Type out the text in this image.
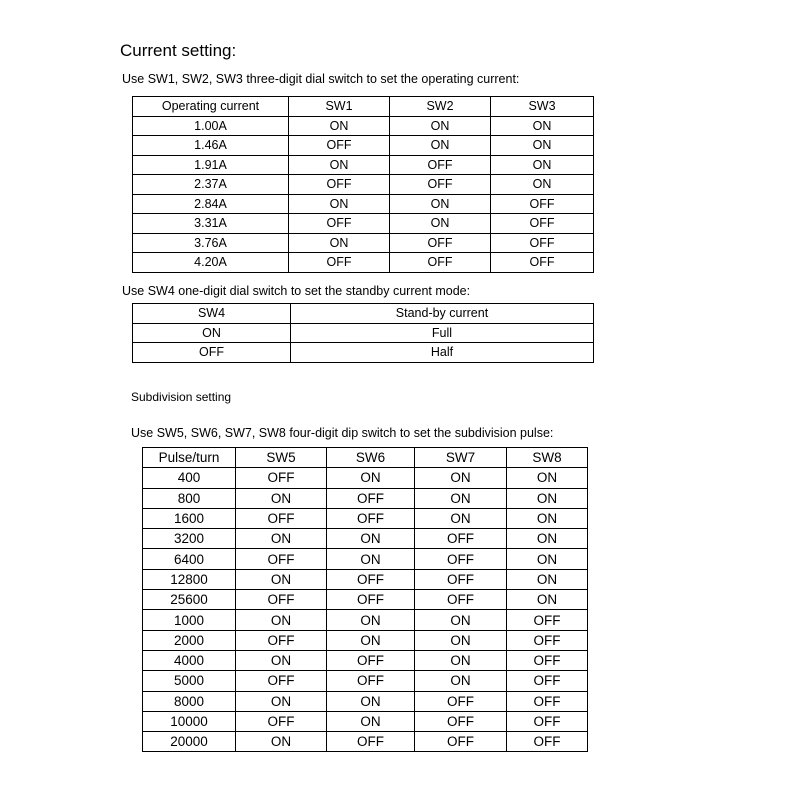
Current setting:
Use SW1, SW2, SW3 three-digit dial switch to set the operating current:
Operating current	SW1	SW2	SW3
1.00A	ON	ON	ON
1.46A	OFF	ON	ON
1.91A	ON	OFF	ON
2.37A	OFF	OFF	ON
2.84A	ON	ON	OFF
3.31A	OFF	ON	OFF
3.76A	ON	OFF	OFF
4.20A	OFF	OFF	OFF
Use SW4 one-digit dial switch to set the standby current mode:
SW4	Stand-by current
ON	Full
OFF	Half
Subdivision setting
Use SW5, SW6, SW7, SW8 four-digit dip switch to set the subdivision pulse:
Pulse/turn	SW5	SW6	SW7	SW8
400	OFF	ON	ON	ON
800	ON	OFF	ON	ON
1600	OFF	OFF	ON	ON
3200	ON	ON	OFF	ON
6400	OFF	ON	OFF	ON
12800	ON	OFF	OFF	ON
25600	OFF	OFF	OFF	ON
1000	ON	ON	ON	OFF
2000	OFF	ON	ON	OFF
4000	ON	OFF	ON	OFF
5000	OFF	OFF	ON	OFF
8000	ON	ON	OFF	OFF
10000	OFF	ON	OFF	OFF
20000	ON	OFF	OFF	OFF
